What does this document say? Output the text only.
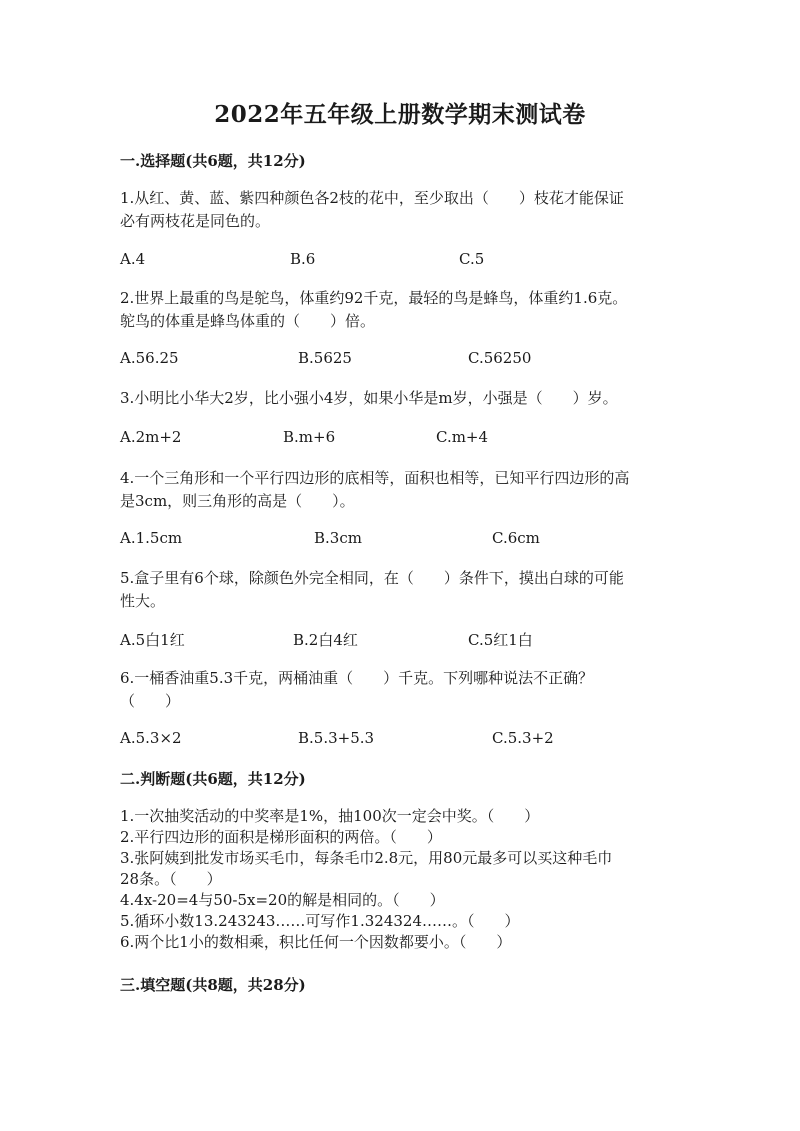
2022年五年级上册数学期末测试卷
一.选择题(共6题，共12分)
1.从红、黄、蓝、紫四种颜色各2枝的花中，至少取出（　　）枝花才能保证
必有两枝花是同色的。
A.4	B.6	C.5
2.世界上最重的鸟是鸵鸟，体重约92千克，最轻的鸟是蜂鸟，体重约1.6克。
鸵鸟的体重是蜂鸟体重的（　　）倍。
A.56.25	B.5625	C.56250
3.小明比小华大2岁，比小强小4岁，如果小华是m岁，小强是（　　）岁。
A.2m+2	B.m+6	C.m+4
4.一个三角形和一个平行四边形的底相等，面积也相等，已知平行四边形的高
是3cm，则三角形的高是（　　）。
A.1.5cm	B.3cm	C.6cm
5.盒子里有6个球，除颜色外完全相同，在（　　）条件下，摸出白球的可能
性大。
A.5白1红	B.2白4红	C.5红1白
6.一桶香油重5.3千克，两桶油重（　　）千克。下列哪种说法不正确？
（　　）
A.5.3×2	B.5.3+5.3	C.5.3+2
二.判断题(共6题，共12分)
1.一次抽奖活动的中奖率是1%，抽100次一定会中奖。（　　）
2.平行四边形的面积是梯形面积的两倍。（　　）
3.张阿姨到批发市场买毛巾，每条毛巾2.8元，用80元最多可以买这种毛巾
28条。（　　）
4.4x-20=4与50-5x=20的解是相同的。（　　）
5.循环小数13.243243……可写作1.324324……。（　　）
6.两个比1小的数相乘，积比任何一个因数都要小。（　　）
三.填空题(共8题，共28分)
